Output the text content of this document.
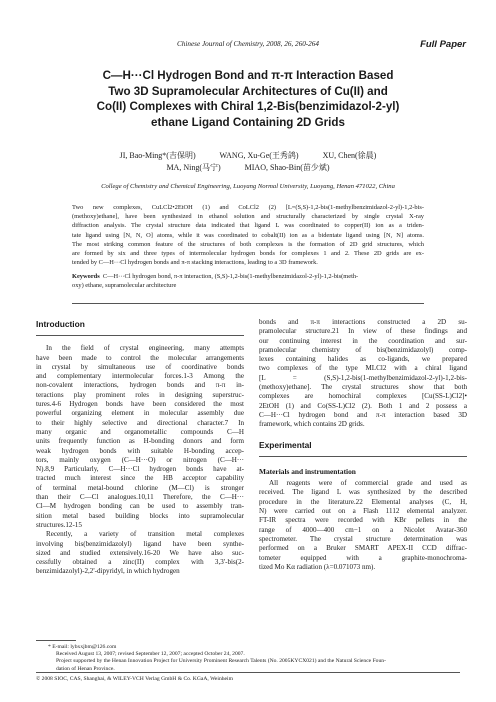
Chinese Journal of Chemistry, 2008, 26, 260-264	Full Paper
C—H···Cl Hydrogen Bond and π-π Interaction Based
Two 3D Supramolecular Architectures of Cu(II) and
Co(II) Complexes with Chiral 1,2-Bis(benzimidazol-2-yl)
ethane Ligand Containing 2D Grids
JI, Bao-Ming*(吉保明)	WANG, Xu-Ge(王秀鸽)	XU, Chen(徐晨)
MA, Ning(马宁)	MIAO, Shao-Bin(苗少斌)
College of Chemistry and Chemical Engineering, Luoyang Normal University, Luoyang, Henan 471022, China
Two new complexes, CuLCl2•2EtOH (1) and CoLCl2 (2) [L=(S,S)-1,2-bis(1-methylbenzimidazol-2-yl)-1,2-bis-
(methoxy)ethane], have been synthesized in ethanol solution and structurally characterized by single crystal X-ray
diffraction analysis. The crystal structure data indicated that ligand L was coordinated to copper(II) ion as a triden-
tate ligand using [N, N, O] atoms, while it was coordinated to cobalt(II) ion as a bidentate ligand using [N, N] atoms.
The most striking common feature of the structures of both complexes is the formation of 2D grid structures, which
are formed by six and three types of intermolecular hydrogen bonds for complexes 1 and 2. These 2D grids are ex-
tended by C—H···Cl hydrogen bonds and π-π stacking interactions, leading to a 3D framework.
Keywords C—H···Cl hydrogen bond, π-π interaction, (S,S)-1,2-bis(1-methylbenzimidazol-2-yl)-1,2-bis(meth-
oxy) ethane, supramolecular architecture
Introduction
In the field of crystal engineering, many attempts
have been made to control the molecular arrangements
in crystal by simultaneous use of coordinative bonds
and complementary intermolecular forces.1-3 Among the
non-covalent interactions, hydrogen bonds and π-π in-
teractions play prominent roles in designing superstruc-
tures.4-6 Hydrogen bonds have been considered the most
powerful organizing element in molecular assembly due
to their highly selective and directional character.7 In
many organic and organometallic compounds C—H
units frequently function as H-bonding donors and form
weak hydrogen bonds with suitable H-bonding accep-
tors, mainly oxygen (C—H···O) or nitrogen (C—H···
N).8,9 Particularly, C—H···Cl hydrogen bonds have at-
tracted much interest since the HB acceptor capability
of terminal metal-bound chlorine (M—Cl) is stronger
than their C—Cl analogues.10,11 Therefore, the C—H···
Cl—M hydrogen bonding can be used to assembly tran-
sition metal based building blocks into supramolecular
structures.12-15
Recently, a variety of transition metal complexes
involving bis(benzimidazolyl) ligand have been synthe-
sized and studied extensively.16-20 We have also suc-
cessfully obtained a zinc(II) complex with 3,3'-bis(2-
benzimidazolyl)-2,2'-dipyridyl, in which hydrogen
bonds and π-π interactions constructed a 2D su-
pramolecular structure.21 In view of these findings and
our continuing interest in the coordination and sur-
pramolecular chemistry of bis(benzimidazolyl) comp-
lexes containing halides as co-ligands, we prepared
two complexes of the type MLCl2 with a chiral ligand
[L = (S,S)-1,2-bis(1-methylbenzimidazol-2-yl)-1,2-bis-
(methoxy)ethane]. The crystal structures show that both
complexes are homochiral complexes [Cu(SS-L)Cl2]•
2EtOH (1) and Co(SS-L)Cl2 (2). Both 1 and 2 possess a
C—H···Cl hydrogen bond and π-π interaction based 3D
framework, which contains 2D grids.
Experimental
Materials and instrumentation
All reagents were of commercial grade and used as
received. The ligand L was synthesized by the described
procedure in the literature.22 Elemental analyses (C, H,
N) were carried out on a Flash 1112 elemental analyzer.
FT-IR spectra were recorded with KBr pellets in the
range of 4000—400 cm−1 on a Nicolet Avatar-360
spectrometer. The crystal structure determination was
performed on a Bruker SMART APEX-II CCD diffrac-
tometer equipped with a graphite-monochroma-
tized Mo Kα radiation (λ=0.071073 nm).
* E-mail: lybxxjbm@126.com
Received August 13, 2007; revised September 12, 2007; accepted October 24, 2007.
Project supported by the Henan Innovation Project for University Prominent Research Talents (No. 2005KYCX021) and the Natural Science Foun-
dation of Henan Province.
© 2008 SIOC, CAS, Shanghai, & WILEY-VCH Verlag GmbH & Co. KGaA, Weinheim
